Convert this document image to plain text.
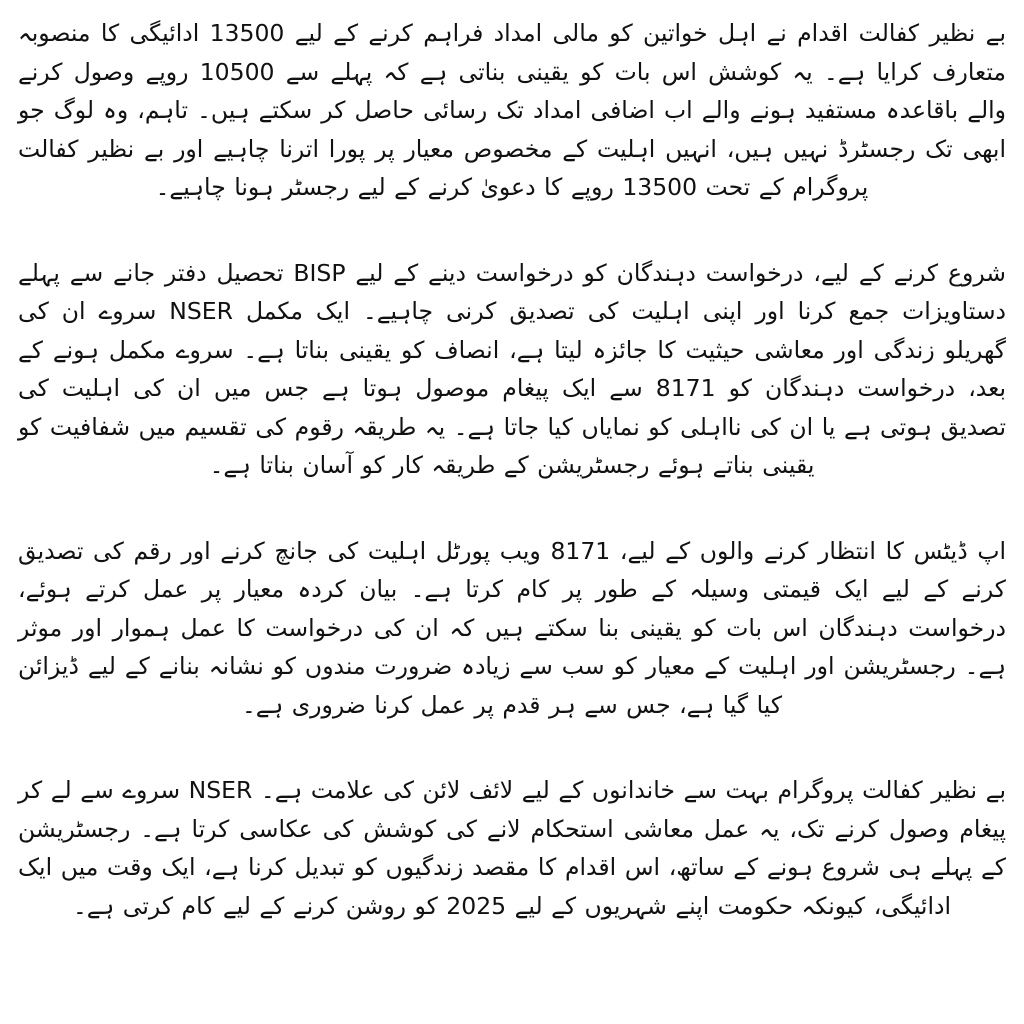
بے نظیر کفالت اقدام نے اہل خواتین کو مالی امداد فراہم کرنے کے لیے 13500 ادائیگی کا منصوبہ متعارف کرایا ہے۔ یہ کوشش اس بات کو یقینی بناتی ہے کہ پہلے سے 10500 روپے وصول کرنے والے باقاعدہ مستفید ہونے والے اب اضافی امداد تک رسائی حاصل کر سکتے ہیں۔ تاہم، وہ لوگ جو ابھی تک رجسٹرڈ نہیں ہیں، انہیں اہلیت کے مخصوص معیار پر پورا اترنا چاہیے اور بے نظیر کفالت پروگرام کے تحت 13500 روپے کا دعویٰ کرنے کے لیے رجسٹر ہونا چاہیے۔

شروع کرنے کے لیے، درخواست دہندگان کو درخواست دینے کے لیے BISP تحصیل دفتر جانے سے پہلے دستاویزات جمع کرنا اور اپنی اہلیت کی تصدیق کرنی چاہیے۔ ایک مکمل NSER سروے ان کی گھریلو زندگی اور معاشی حیثیت کا جائزہ لیتا ہے، انصاف کو یقینی بناتا ہے۔ سروے مکمل ہونے کے بعد، درخواست دہندگان کو 8171 سے ایک پیغام موصول ہوتا ہے جس میں ان کی اہلیت کی تصدیق ہوتی ہے یا ان کی نااہلی کو نمایاں کیا جاتا ہے۔ یہ طریقہ رقوم کی تقسیم میں شفافیت کو یقینی بناتے ہوئے رجسٹریشن کے طریقہ کار کو آسان بناتا ہے۔

اپ ڈیٹس کا انتظار کرنے والوں کے لیے، 8171 ویب پورٹل اہلیت کی جانچ کرنے اور رقم کی تصدیق کرنے کے لیے ایک قیمتی وسیلہ کے طور پر کام کرتا ہے۔ بیان کردہ معیار پر عمل کرتے ہوئے، درخواست دہندگان اس بات کو یقینی بنا سکتے ہیں کہ ان کی درخواست کا عمل ہموار اور موثر ہے۔ رجسٹریشن اور اہلیت کے معیار کو سب سے زیادہ ضرورت مندوں کو نشانہ بنانے کے لیے ڈیزائن کیا گیا ہے، جس سے ہر قدم پر عمل کرنا ضروری ہے۔

بے نظیر کفالت پروگرام بہت سے خاندانوں کے لیے لائف لائن کی علامت ہے۔ NSER سروے سے لے کر پیغام وصول کرنے تک، یہ عمل معاشی استحکام لانے کی کوشش کی عکاسی کرتا ہے۔ رجسٹریشن کے پہلے ہی شروع ہونے کے ساتھ، اس اقدام کا مقصد زندگیوں کو تبدیل کرنا ہے، ایک وقت میں ایک ادائیگی، کیونکہ حکومت اپنے شہریوں کے لیے 2025 کو روشن کرنے کے لیے کام کرتی ہے۔
